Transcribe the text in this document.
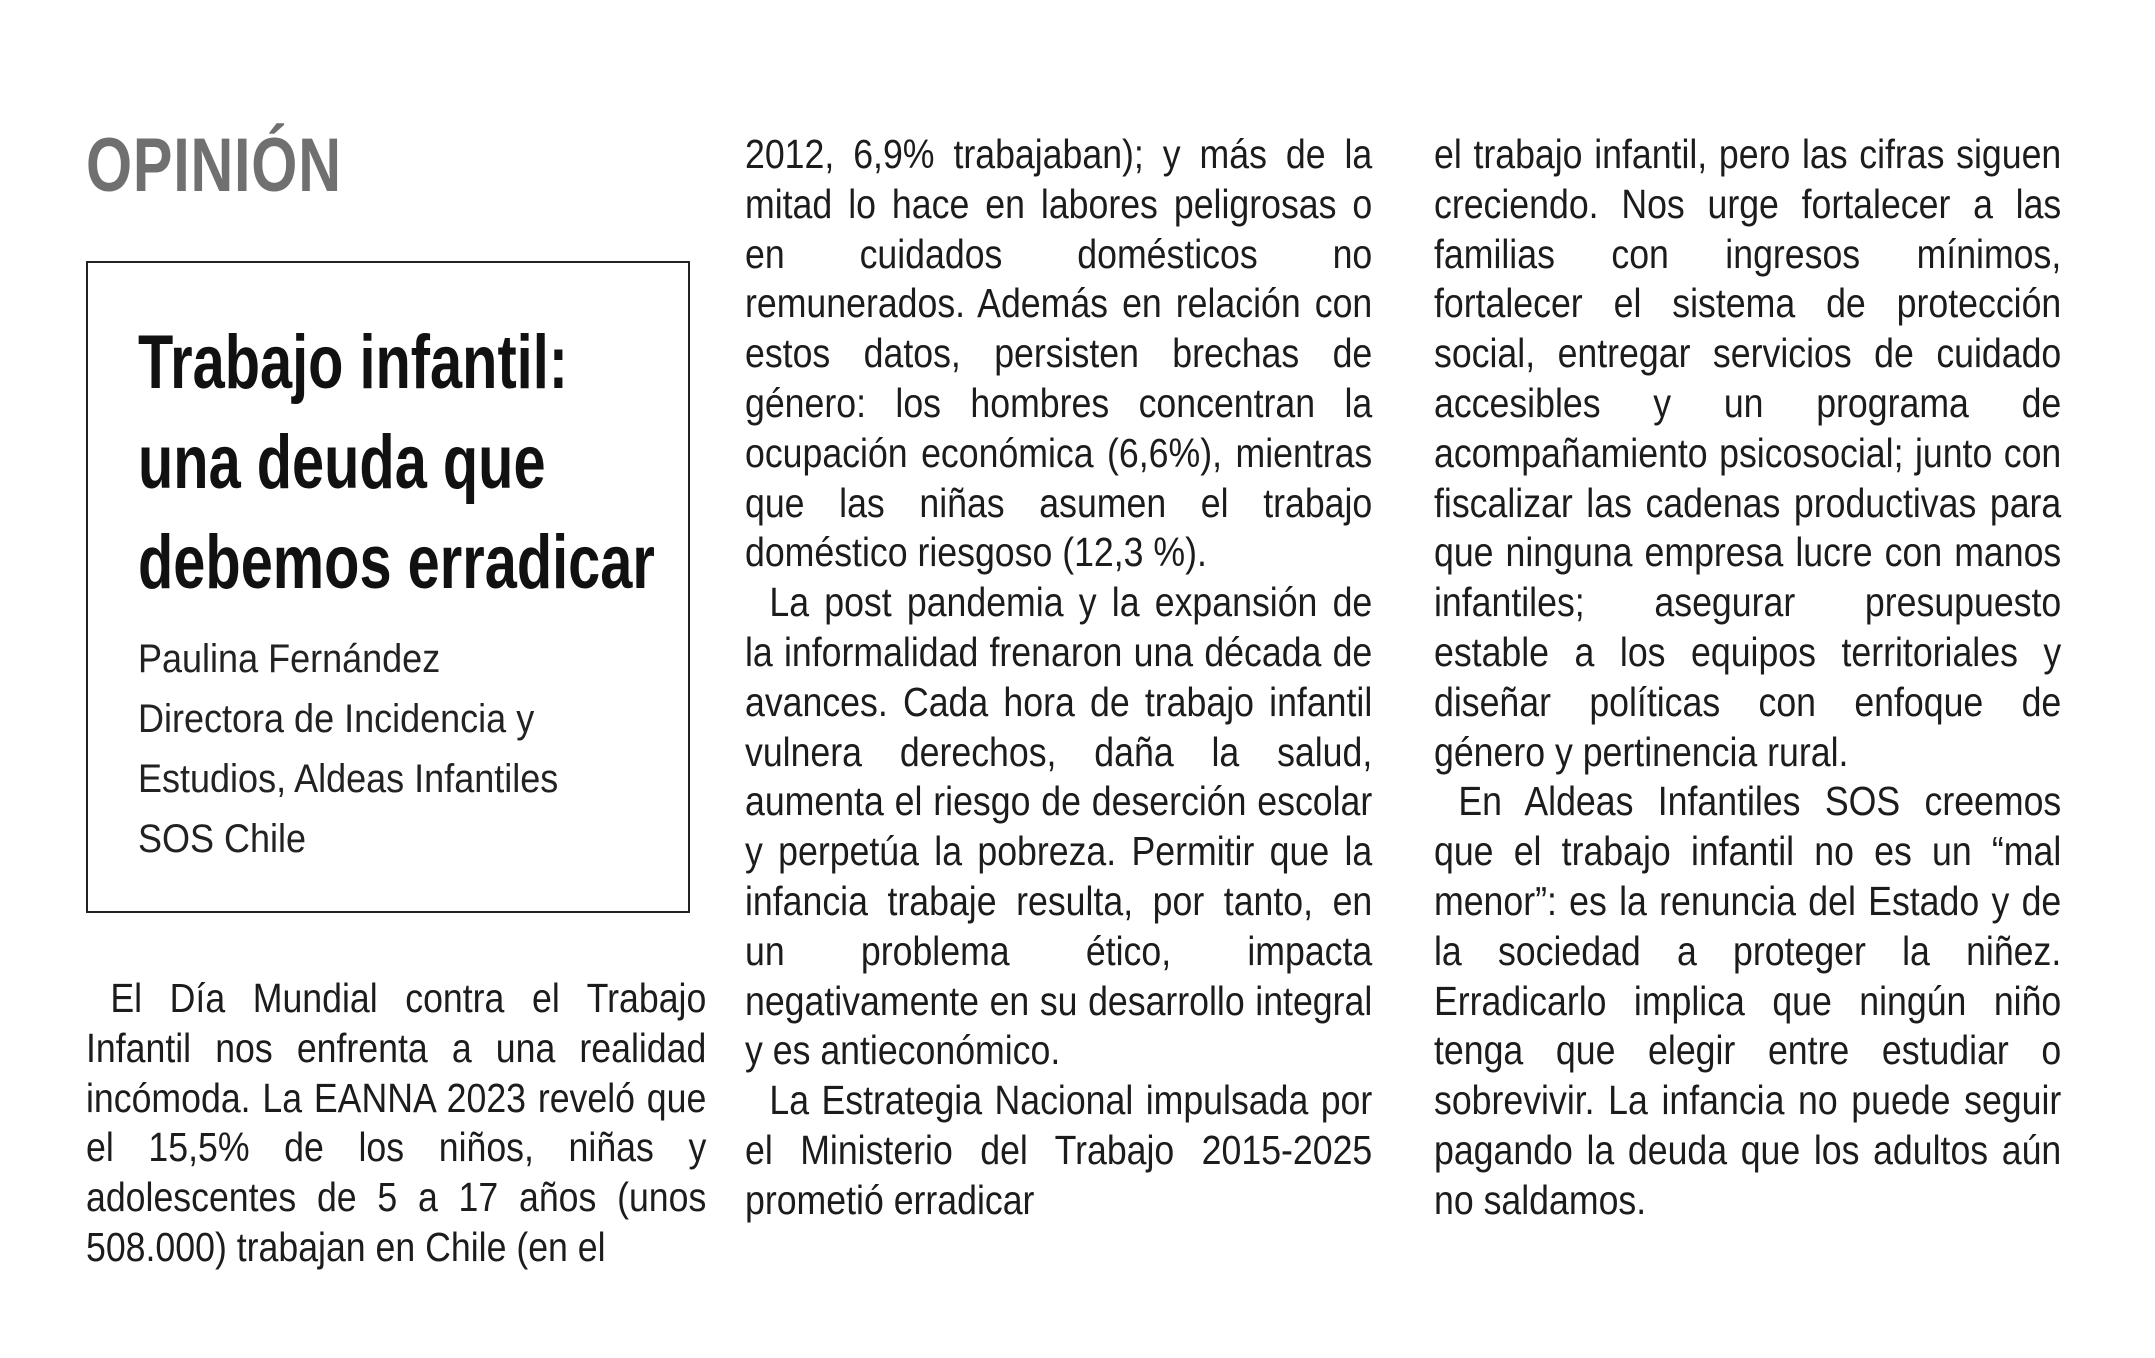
OPINIÓN
Trabajo infantil:
una deuda que
debemos erradicar
Paulina Fernández
Directora de Incidencia y
Estudios, Aldeas Infantiles
SOS Chile

El Día Mundial contra el Trabajo Infantil nos enfrenta a una realidad incómoda. La EANNA 2023 reveló que el 15,5% de los niños, niñas y adolescentes de 5 a 17 años (unos 508.000) trabajan en Chile (en el

2012, 6,9% trabajaban); y más de la mitad lo hace en labores peligrosas o en cuidados domésticos no remunerados. Además en relación con estos datos, persisten brechas de género: los hombres concentran la ocupación económica (6,6%), mientras que las niñas asumen el trabajo doméstico riesgoso (12,3 %).

La post pandemia y la expansión de la informalidad frenaron una década de avances. Cada hora de trabajo infantil vulnera derechos, daña la salud, aumenta el riesgo de deserción escolar y perpetúa la pobreza. Permitir que la infancia trabaje resulta, por tanto, en un problema ético, impacta negativamente en su desarrollo integral y es antieconómico.

La Estrategia Nacional impulsada por el Ministerio del Trabajo 2015-2025 prometió erradicar

el trabajo infantil, pero las cifras siguen creciendo. Nos urge fortalecer a las familias con ingresos mínimos, fortalecer el sistema de protección social, entregar servicios de cuidado accesibles y un programa de acompañamiento psicosocial; junto con fiscalizar las cadenas productivas para que ninguna empresa lucre con manos infantiles; asegurar presupuesto estable a los equipos territoriales y diseñar políticas con enfoque de género y pertinencia rural.

En Aldeas Infantiles SOS creemos que el trabajo infantil no es un “mal menor”: es la renuncia del Estado y de la sociedad a proteger la niñez. Erradicarlo implica que ningún niño tenga que elegir entre estudiar o sobrevivir. La infancia no puede seguir pagando la deuda que los adultos aún no saldamos.
